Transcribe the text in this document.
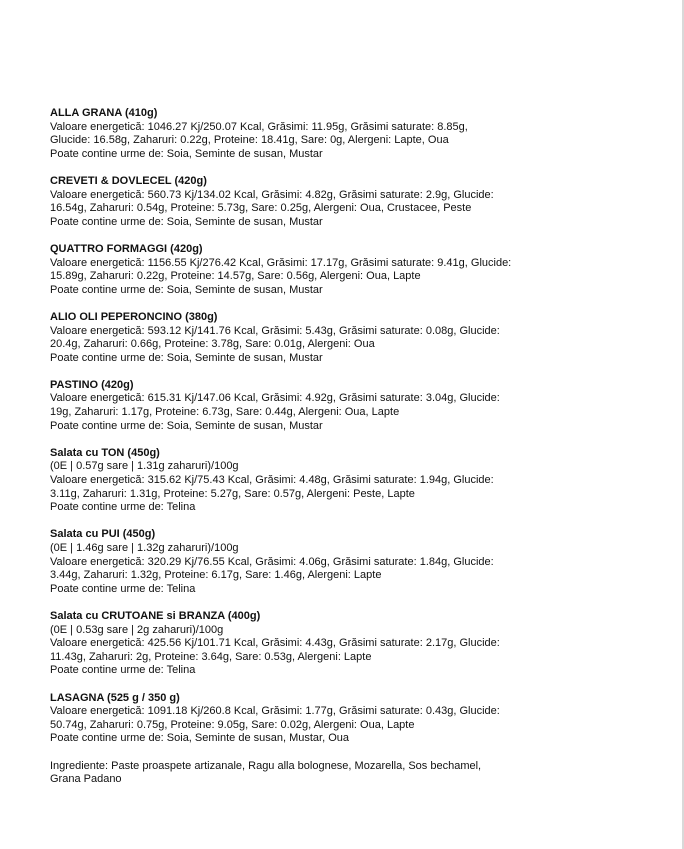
ALLA GRANA (410g)
Valoare energetică: 1046.27 Kj/250.07 Kcal, Grăsimi: 11.95g, Grăsimi saturate: 8.85g,
Glucide: 16.58g, Zaharuri: 0.22g, Proteine: 18.41g, Sare: 0g, Alergeni: Lapte, Oua
Poate contine urme de: Soia, Seminte de susan, Mustar
CREVETI & DOVLECEL (420g)
Valoare energetică: 560.73 Kj/134.02 Kcal, Grăsimi: 4.82g, Grăsimi saturate: 2.9g, Glucide:
16.54g, Zaharuri: 0.54g, Proteine: 5.73g, Sare: 0.25g, Alergeni: Oua, Crustacee, Peste
Poate contine urme de: Soia, Seminte de susan, Mustar
QUATTRO FORMAGGI (420g)
Valoare energetică: 1156.55 Kj/276.42 Kcal, Grăsimi: 17.17g, Grăsimi saturate: 9.41g, Glucide:
15.89g, Zaharuri: 0.22g, Proteine: 14.57g, Sare: 0.56g, Alergeni: Oua, Lapte
Poate contine urme de: Soia, Seminte de susan, Mustar
ALIO OLI PEPERONCINO (380g)
Valoare energetică: 593.12 Kj/141.76 Kcal, Grăsimi: 5.43g, Grăsimi saturate: 0.08g, Glucide:
20.4g, Zaharuri: 0.66g, Proteine: 3.78g, Sare: 0.01g, Alergeni: Oua
Poate contine urme de: Soia, Seminte de susan, Mustar
PASTINO (420g)
Valoare energetică: 615.31 Kj/147.06 Kcal, Grăsimi: 4.92g, Grăsimi saturate: 3.04g, Glucide:
19g, Zaharuri: 1.17g, Proteine: 6.73g, Sare: 0.44g, Alergeni: Oua, Lapte
Poate contine urme de: Soia, Seminte de susan, Mustar
Salata cu TON (450g)
(0E | 0.57g sare | 1.31g zaharuri)/100g
Valoare energetică: 315.62 Kj/75.43 Kcal, Grăsimi: 4.48g, Grăsimi saturate: 1.94g, Glucide:
3.11g, Zaharuri: 1.31g, Proteine: 5.27g, Sare: 0.57g, Alergeni: Peste, Lapte
Poate contine urme de: Telina
Salata cu PUI (450g)
(0E | 1.46g sare | 1.32g zaharuri)/100g
Valoare energetică: 320.29 Kj/76.55 Kcal, Grăsimi: 4.06g, Grăsimi saturate: 1.84g, Glucide:
3.44g, Zaharuri: 1.32g, Proteine: 6.17g, Sare: 1.46g, Alergeni: Lapte
Poate contine urme de: Telina
Salata cu CRUTOANE si BRANZA (400g)
(0E | 0.53g sare | 2g zaharuri)/100g
Valoare energetică: 425.56 Kj/101.71 Kcal, Grăsimi: 4.43g, Grăsimi saturate: 2.17g, Glucide:
11.43g, Zaharuri: 2g, Proteine: 3.64g, Sare: 0.53g, Alergeni: Lapte
Poate contine urme de: Telina
LASAGNA (525 g / 350 g)
Valoare energetică: 1091.18 Kj/260.8 Kcal, Grăsimi: 1.77g, Grăsimi saturate: 0.43g, Glucide:
50.74g, Zaharuri: 0.75g, Proteine: 9.05g, Sare: 0.02g, Alergeni: Oua, Lapte
Poate contine urme de: Soia, Seminte de susan, Mustar, Oua
Ingrediente: Paste proaspete artizanale, Ragu alla bolognese, Mozarella, Sos bechamel,
Grana Padano
